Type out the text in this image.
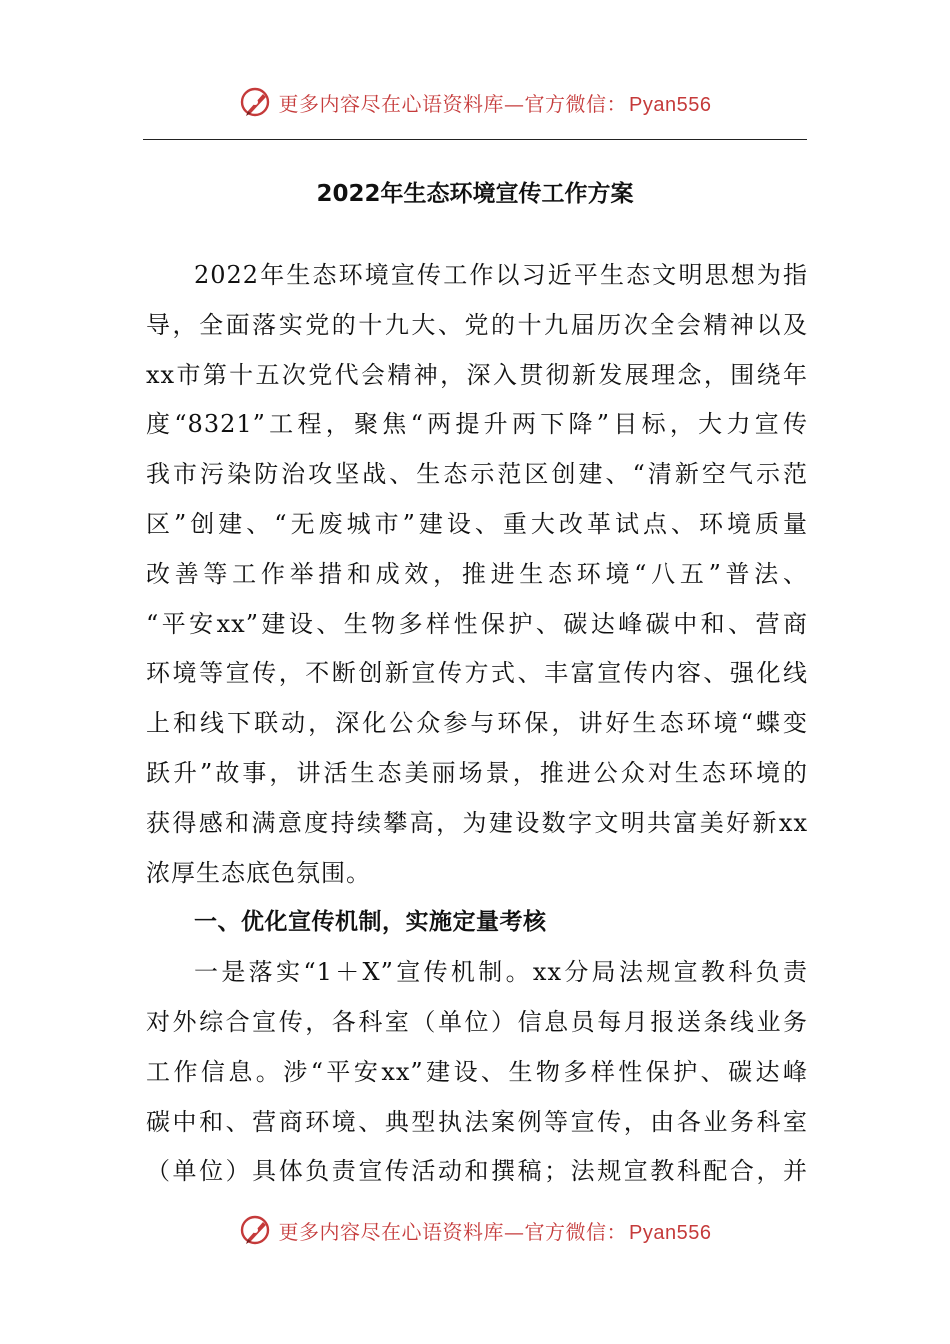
更多内容尽在心语资料库—官方微信： Pyan556
2022年生态环境宣传工作方案
2022年生态环境宣传工作以习近平生态文明思想为指
导，全面落实党的十九大、党的十九届历次全会精神以及
xx市第十五次党代会精神，深入贯彻新发展理念，围绕年
度“8321”工程，聚焦“两提升两下降”目标，大力宣传
我市污染防治攻坚战、生态示范区创建、“清新空气示范
区”创建、“无废城市”建设、重大改革试点、环境质量
改善等工作举措和成效，推进生态环境“八五”普法、
“平安xx”建设、生物多样性保护、碳达峰碳中和、营商
环境等宣传，不断创新宣传方式、丰富宣传内容、强化线
上和线下联动，深化公众参与环保，讲好生态环境“蝶变
跃升”故事，讲活生态美丽场景，推进公众对生态环境的
获得感和满意度持续攀高，为建设数字文明共富美好新xx
浓厚生态底色氛围。
一、优化宣传机制，实施定量考核
一是落实“1＋X”宣传机制。xx分局法规宣教科负责
对外综合宣传，各科室（单位）信息员每月报送条线业务
工作信息。涉“平安xx”建设、生物多样性保护、碳达峰
碳中和、营商环境、典型执法案例等宣传，由各业务科室
（单位）具体负责宣传活动和撰稿；法规宣教科配合，并
更多内容尽在心语资料库—官方微信： Pyan556
